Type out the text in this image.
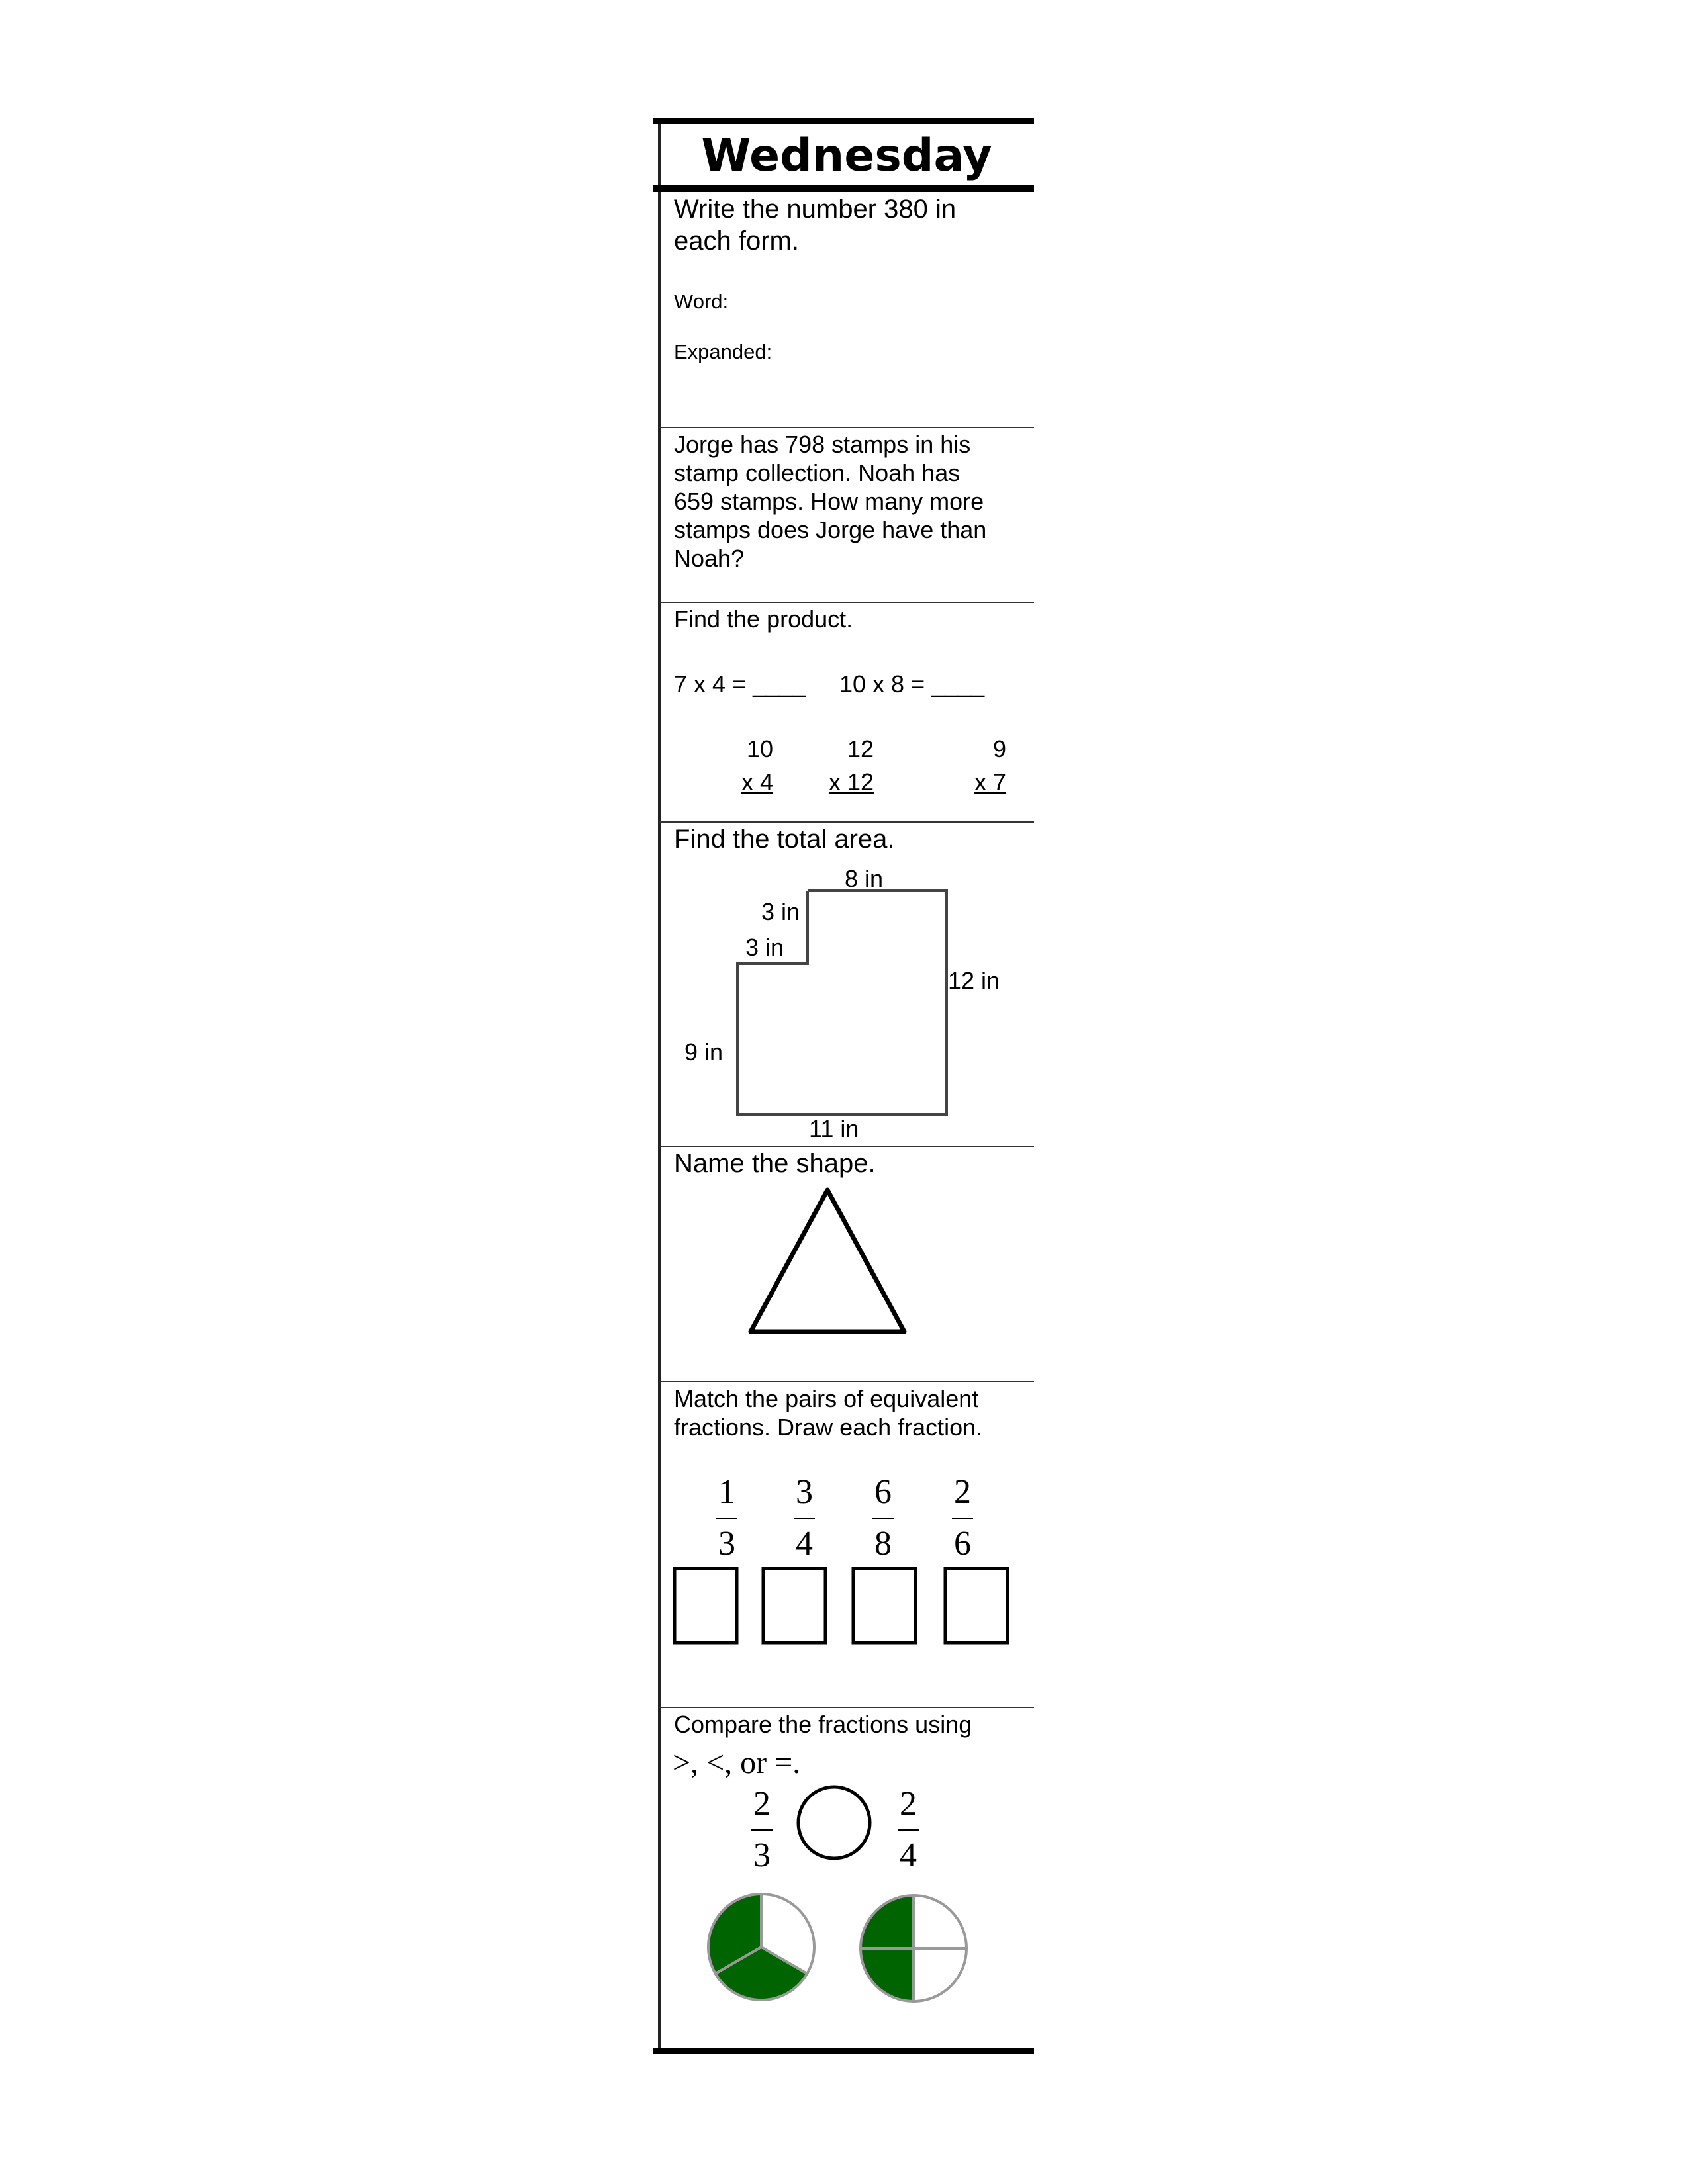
Wednesday
Write the number 380 in
each form.
Word:
Expanded:
Jorge has 798 stamps in his
stamp collection. Noah has
659 stamps. How many more
stamps does Jorge have than
Noah?
Find the product.
7 x 4 = ____ 10 x 8 = ____
10
x 4
12
x 12
9
x 7
Find the total area.
8 in
3 in
3 in
12 in
9 in
11 in
Name the shape.
Match the pairs of equivalent
fractions. Draw each fraction.
1
3
3
4
6
8
2
6
Compare the fractions using
>, <, or =.
2
3
2
4
